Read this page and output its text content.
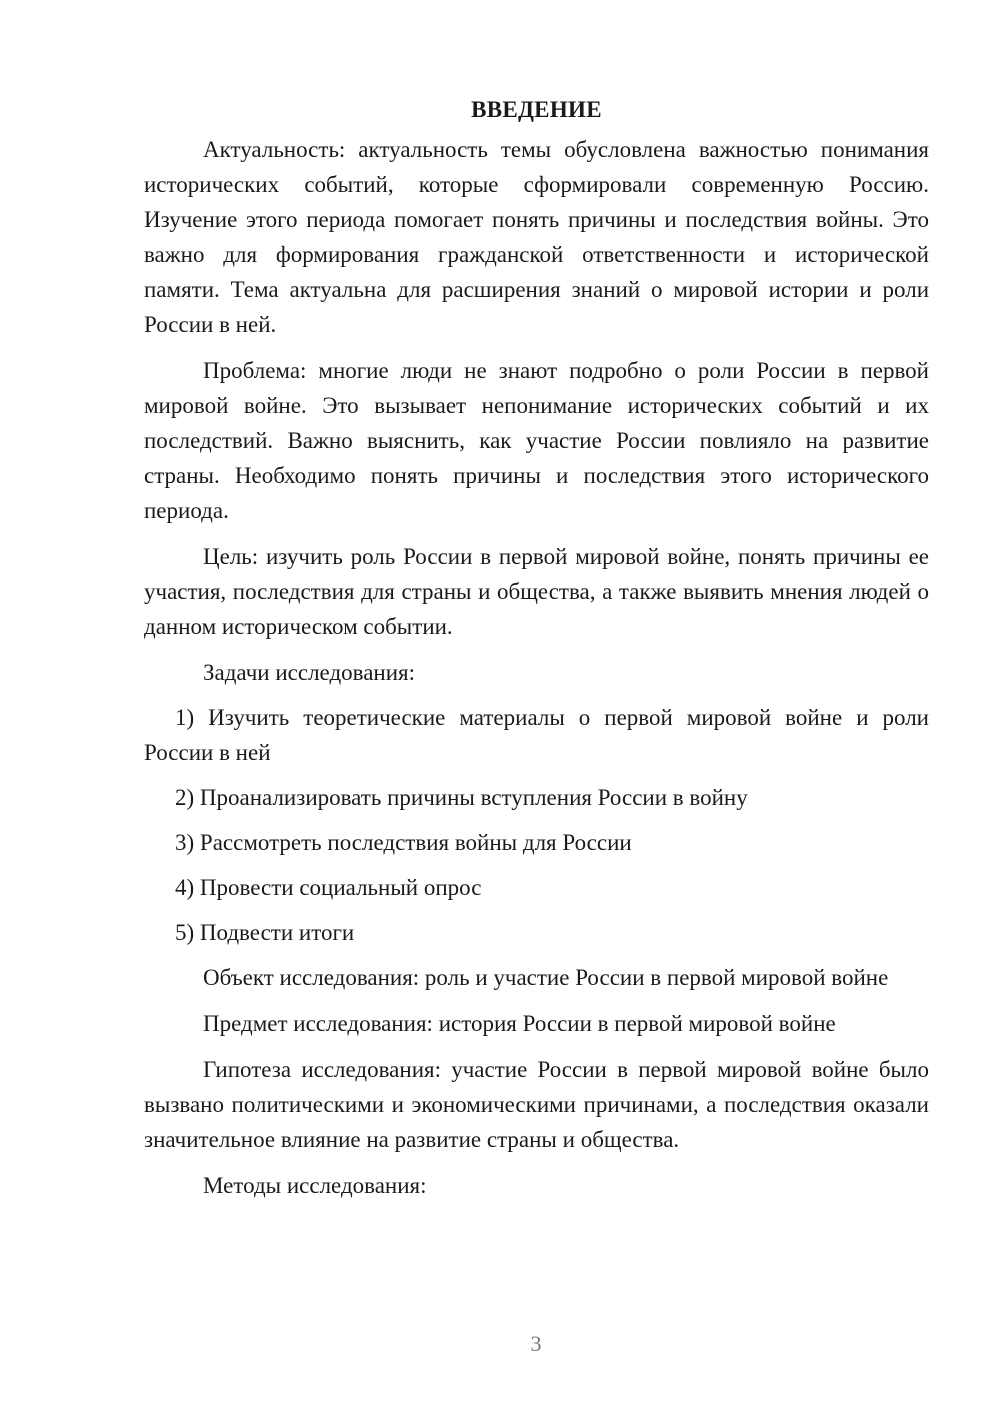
ВВЕДЕНИЕ

Актуальность: актуальность темы обусловлена важностью понимания исторических событий, которые сформировали современную Россию. Изучение этого периода помогает понять причины и последствия войны. Это важно для формирования гражданской ответственности и исторической памяти. Тема актуальна для расширения знаний о мировой истории и роли России в ней.

Проблема: многие люди не знают подробно о роли России в первой мировой войне. Это вызывает непонимание исторических событий и их последствий. Важно выяснить, как участие России повлияло на развитие страны. Необходимо понять причины и последствия этого исторического периода.

Цель: изучить роль России в первой мировой войне, понять причины ее участия, последствия для страны и общества, а также выявить мнения людей о данном историческом событии.

Задачи исследования:

1) Изучить теоретические материалы о первой мировой войне и роли России в ней

2) Проанализировать причины вступления России в войну

3) Рассмотреть последствия войны для России

4) Провести социальный опрос

5) Подвести итоги

Объект исследования: роль и участие России в первой мировой войне

Предмет исследования: история России в первой мировой войне

Гипотеза исследования: участие России в первой мировой войне было вызвано политическими и экономическими причинами, а последствия оказали значительное влияние на развитие страны и общества.

Методы исследования:

3
